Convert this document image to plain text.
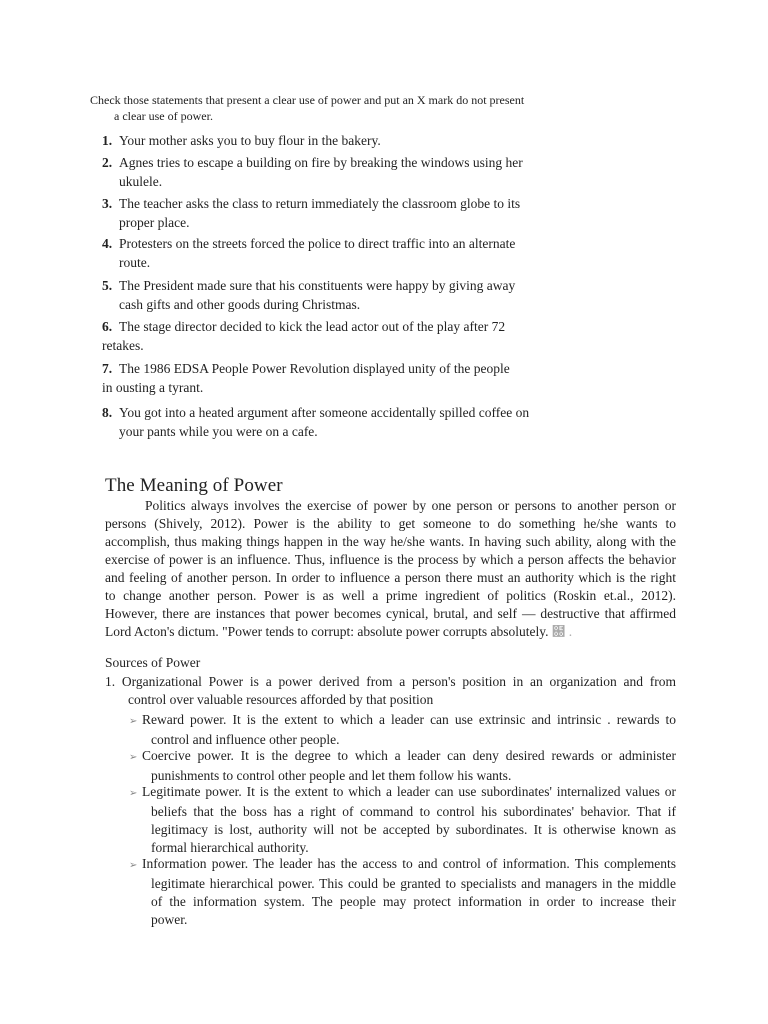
Check those statements that present a clear use of power and put an X mark do not present
a clear use of power.
1. Your mother asks you to buy flour in the bakery.
2. Agnes tries to escape a building on fire by breaking the windows using her
ukulele.
3. The teacher asks the class to return immediately the classroom globe to its
proper place.
4. Protesters on the streets forced the police to direct traffic into an alternate
route.
5. The President made sure that his constituents were happy by giving away
cash gifts and other goods during Christmas.
6. The stage director decided to kick the lead actor out of the play after 72
retakes.
7. The 1986 EDSA People Power Revolution displayed unity of the people
in ousting a tyrant.
8. You got into a heated argument after someone accidentally spilled coffee on
your pants while you were on a cafe.
The Meaning of Power
Politics always involves the exercise of power by one person or persons to another person or
persons (Shively, 2012). Power is the ability to get someone to do something he/she wants to
accomplish, thus making things happen in the way he/she wants. In having such ability, along with the
exercise of power is an influence. Thus, influence is the process by which a person affects the behavior
and feeling of another person. In order to influence a person there must an authority which is the right
to change another person. Power is as well a prime ingredient of politics (Roskin et.al., 2012).
However, there are instances that power becomes cynical, brutal, and self — destructive that affirmed
Lord Acton's dictum. "Power tends to corrupt: absolute power corrupts absolutely. ฀ .
Sources of Power
1. Organizational Power is a power derived from a person's position in an organization and from
control over valuable resources afforded by that position
➢ Reward power. It is the extent to which a leader can use extrinsic and intrinsic . rewards to
control and influence other people.
➢ Coercive power. It is the degree to which a leader can deny desired rewards or administer
punishments to control other people and let them follow his wants.
➢ Legitimate power. It is the extent to which a leader can use subordinates' internalized values or
beliefs that the boss has a right of command to control his subordinates' behavior. That if
legitimacy is lost, authority will not be accepted by subordinates. It is otherwise known as
formal hierarchical authority.
➢ Information power. The leader has the access to and control of information. This complements
legitimate hierarchical power. This could be granted to specialists and managers in the middle
of the information system. The people may protect information in order to increase their
power.
